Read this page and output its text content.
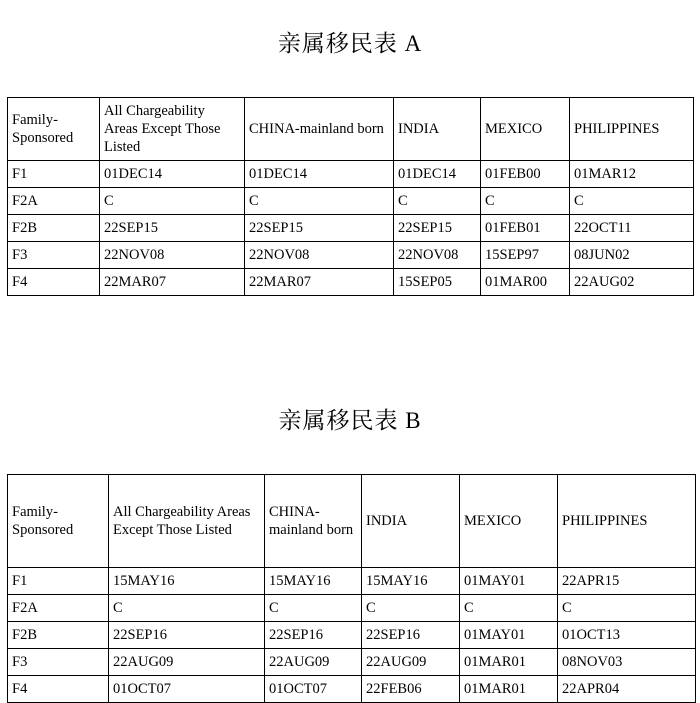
亲属移民表 A
Family-
Sponsored	All Chargeability Areas Except Those Listed	CHINA-mainland born	INDIA	MEXICO	PHILIPPINES
F1	01DEC14	01DEC14	01DEC14	01FEB00	01MAR12
F2A	C	C	C	C	C
F2B	22SEP15	22SEP15	22SEP15	01FEB01	22OCT11
F3	22NOV08	22NOV08	22NOV08	15SEP97	08JUN02
F4	22MAR07	22MAR07	15SEP05	01MAR00	22AUG02
亲属移民表 B
Family-
Sponsored	All Chargeability Areas Except Those Listed	CHINA-mainland born	INDIA	MEXICO	PHILIPPINES
F1	15MAY16	15MAY16	15MAY16	01MAY01	22APR15
F2A	C	C	C	C	C
F2B	22SEP16	22SEP16	22SEP16	01MAY01	01OCT13
F3	22AUG09	22AUG09	22AUG09	01MAR01	08NOV03
F4	01OCT07	01OCT07	22FEB06	01MAR01	22APR04
